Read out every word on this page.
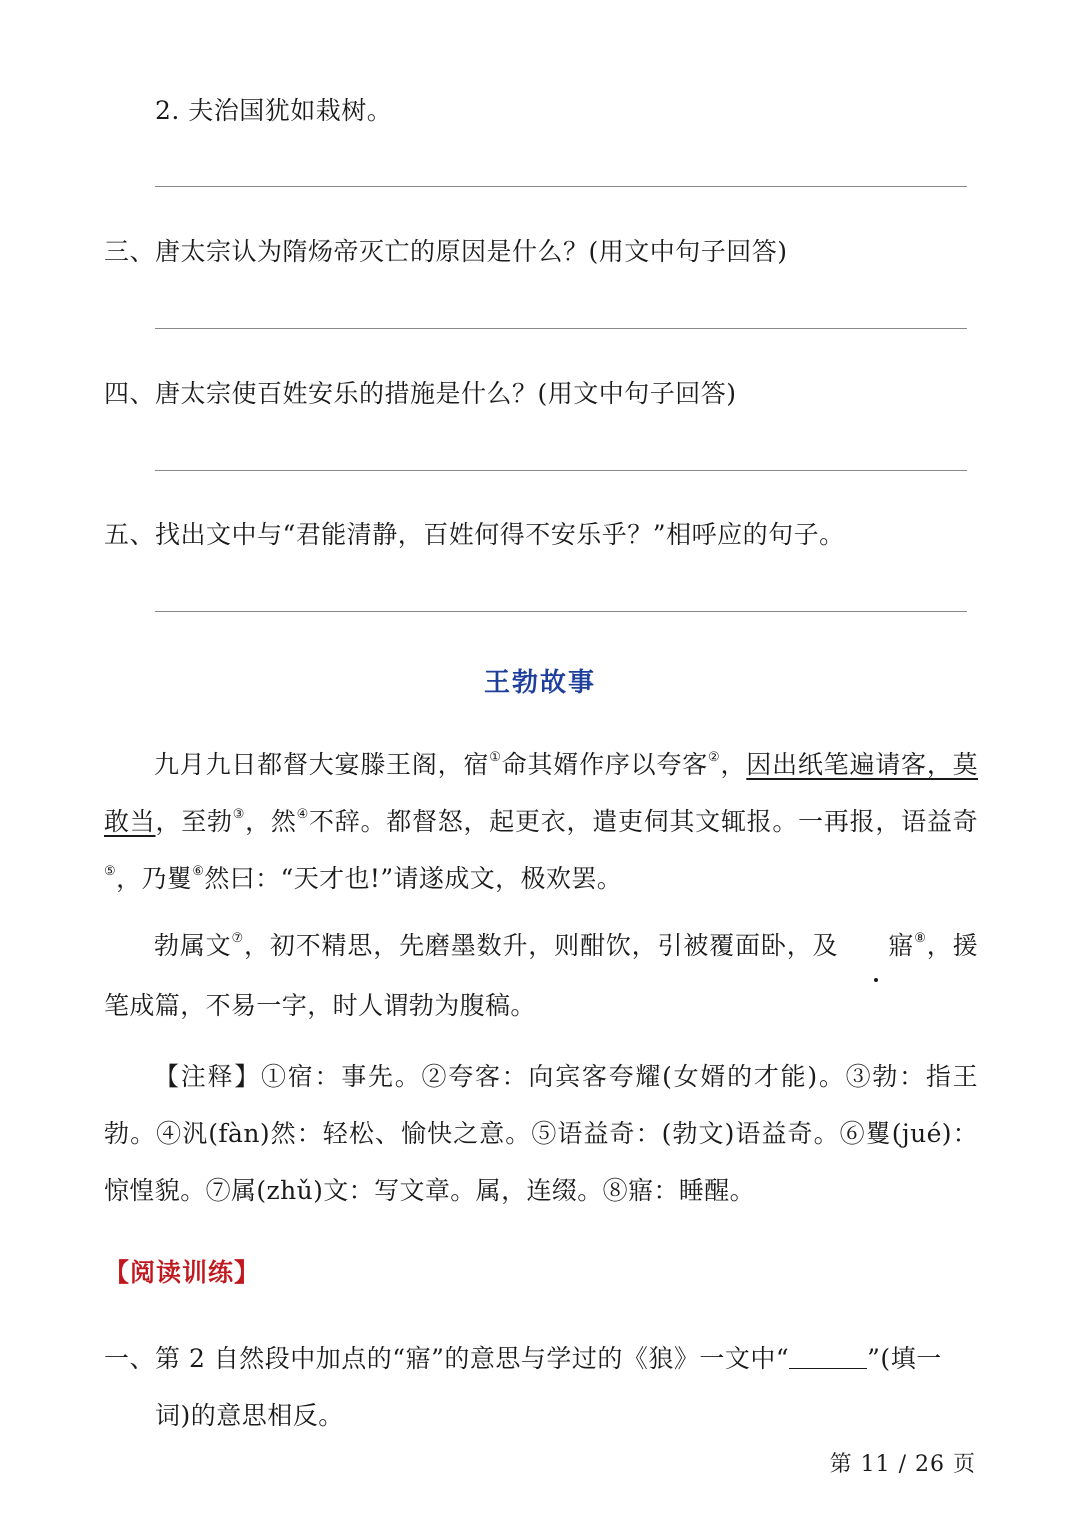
2. 夫治国犹如栽树。
三、唐太宗认为隋炀帝灭亡的原因是什么？(用文中句子回答)
四、唐太宗使百姓安乐的措施是什么？(用文中句子回答)
五、找出文中与“君能清静，百姓何得不安乐乎？”相呼应的句子。
王勃故事

九月九日都督大宴滕王阁，宿①命其婿作序以夸客②，因出纸笔遍请客，莫敢当，至勃③，然④不辞。都督怒，起更衣，遣吏伺其文辄报。一再报，语益奇⑤，乃矍⑥然曰：“天才也!”请遂成文，极欢罢。

勃属文⑦，初不精思，先磨墨数升，则酣饮，引被覆面卧，及 寤⑧，援笔成篇，不易一字，时人谓勃为腹稿。

【注释】①宿：事先。②夸客：向宾客夸耀(女婿的才能)。③勃：指王勃。④汎(fàn)然：轻松、愉快之意。⑤语益奇：(勃文)语益奇。⑥矍(jué)：惊惶貌。⑦属(zhǔ)文：写文章。属，连缀。⑧寤：睡醒。

【阅读训练】
一、第 2 自然段中加点的“寤”的意思与学过的《狼》一文中“	”(填一
词)的意思相反。
第 11 / 26 页
